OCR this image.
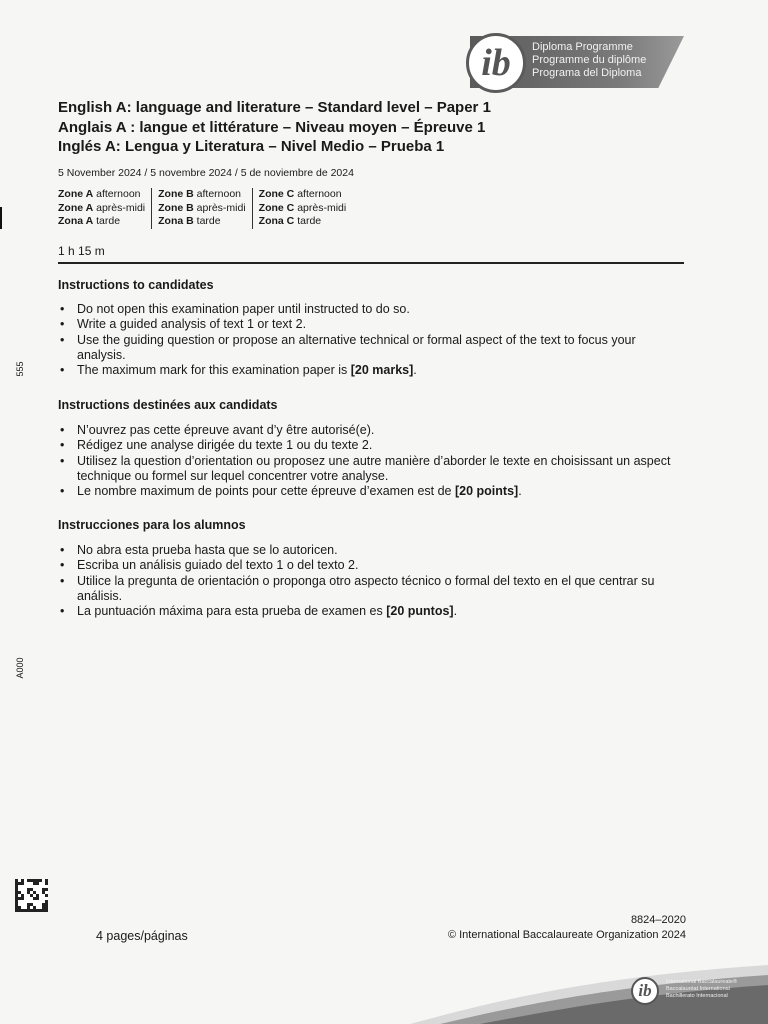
ib Diploma Programme
Programme du diplôme
Programa del Diploma
English A: language and literature – Standard level – Paper 1
Anglais A : langue et littérature – Niveau moyen – Épreuve 1
Inglés A: Lengua y Literatura – Nivel Medio – Prueba 1
5 November 2024 / 5 novembre 2024 / 5 de noviembre de 2024
Zone A afternoon
Zone A après-midi
Zona A tarde
Zone B afternoon
Zone B après-midi
Zona B tarde
Zone C afternoon
Zone C après-midi
Zona C tarde
1 h 15 m
Instructions to candidates
• Do not open this examination paper until instructed to do so.
• Write a guided analysis of text 1 or text 2.
• Use the guiding question or propose an alternative technical or formal aspect of the text to focus your analysis.
• The maximum mark for this examination paper is [20 marks].
Instructions destinées aux candidats
• N’ouvrez pas cette épreuve avant d’y être autorisé(e).
• Rédigez une analyse dirigée du texte 1 ou du texte 2.
• Utilisez la question d’orientation ou proposez une autre manière d’aborder le texte en choisissant un aspect technique ou formel sur lequel concentrer votre analyse.
• Le nombre maximum de points pour cette épreuve d’examen est de [20 points].
Instrucciones para los alumnos
• No abra esta prueba hasta que se lo autoricen.
• Escriba un análisis guiado del texto 1 o del texto 2.
• Utilice la pregunta de orientación o proponga otro aspecto técnico o formal del texto en el que centrar su análisis.
• La puntuación máxima para esta prueba de examen es [20 puntos].
555
A000
8824–2020
4 pages/páginas	© International Baccalaureate Organization 2024
ib	International Baccalaureate®
Baccalauréat International
Bachillerato Internacional
